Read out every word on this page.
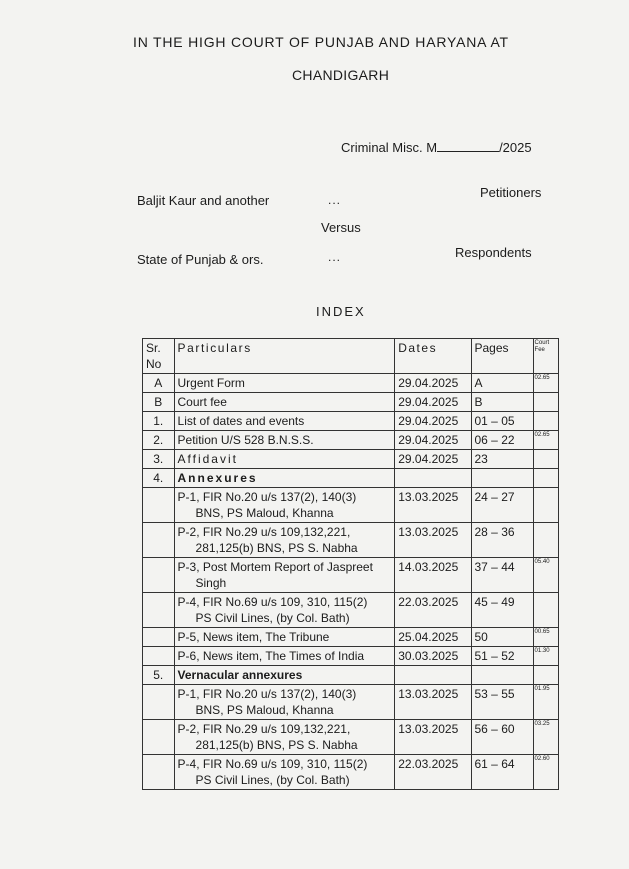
IN THE HIGH COURT OF PUNJAB AND HARYANA AT
CHANDIGARH
Criminal Misc. M	/2025
Baljit Kaur and another	...	Petitioners
Versus
State of Punjab & ors.	...	Respondents
INDEX
Sr. No	Particulars	Dates	Pages	Court Fee
A	Urgent Form	29.04.2025	A	02.65
B	Court fee	29.04.2025	B	
1.	List of dates and events	29.04.2025	01 – 05	
2.	Petition U/S 528 B.N.S.S.	29.04.2025	06 – 22	02.65
3.	Affidavit	29.04.2025	23	
4.	Annexures			
	P-1, FIR No.20 u/s 137(2), 140(3)
BNS, PS Maloud, Khanna	13.03.2025	24 – 27	
	P-2, FIR No.29 u/s 109,132,221,
281,125(b) BNS, PS S. Nabha	13.03.2025	28 – 36	
	P-3, Post Mortem Report of Jaspreet
Singh	14.03.2025	37 – 44	05.40
	P-4, FIR No.69 u/s 109, 310, 115(2)
PS Civil Lines, (by Col. Bath)	22.03.2025	45 – 49	
	P-5, News item, The Tribune	25.04.2025	50	00.65
	P-6, News item, The Times of India	30.03.2025	51 – 52	01.30
5.	Vernacular annexures			
	P-1, FIR No.20 u/s 137(2), 140(3)
BNS, PS Maloud, Khanna	13.03.2025	53 – 55	01.95
	P-2, FIR No.29 u/s 109,132,221,
281,125(b) BNS, PS S. Nabha	13.03.2025	56 – 60	03.25
	P-4, FIR No.69 u/s 109, 310, 115(2)
PS Civil Lines, (by Col. Bath)	22.03.2025	61 – 64	02.60
